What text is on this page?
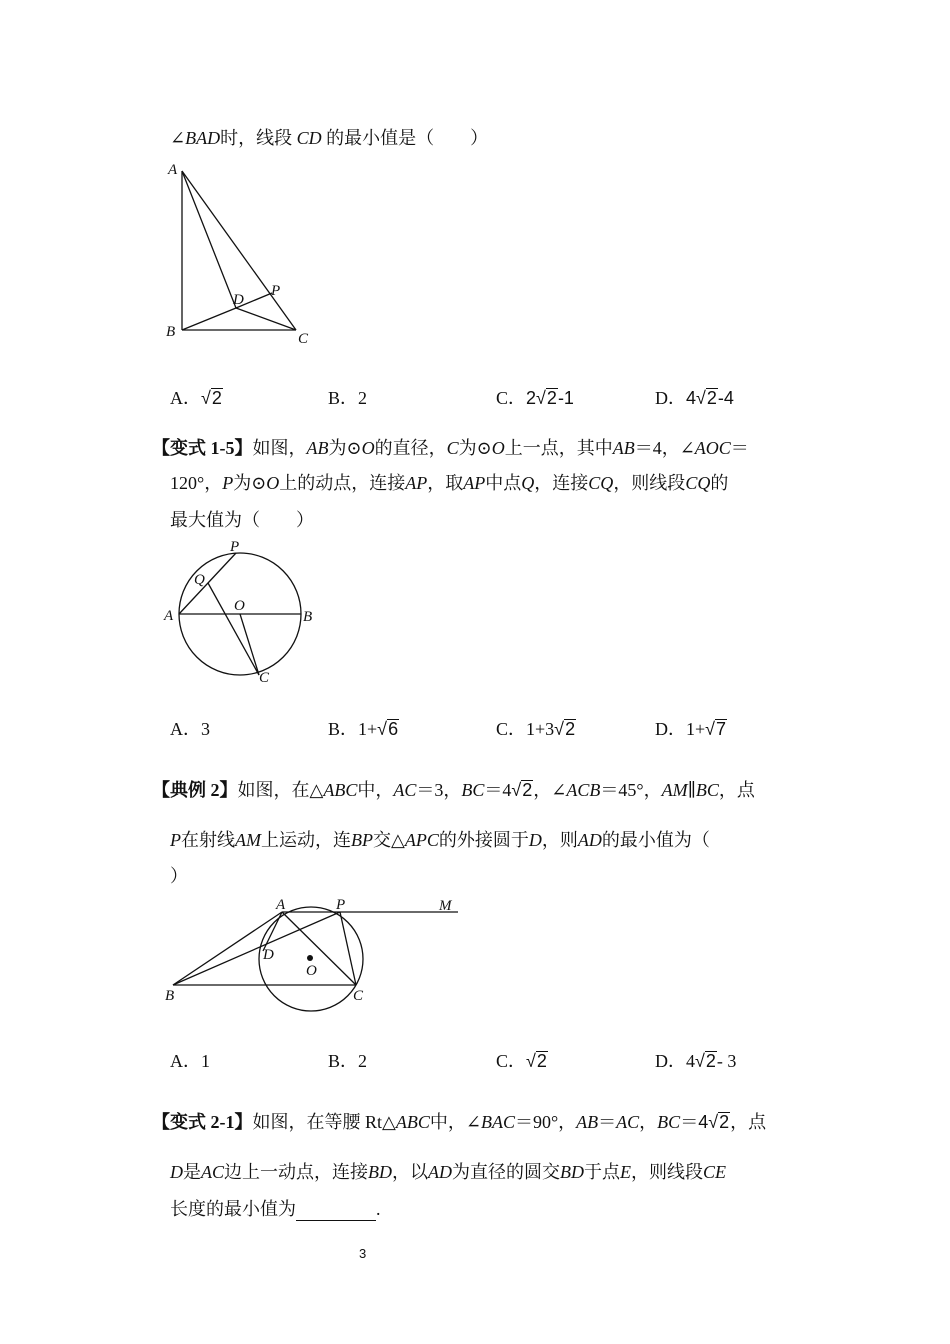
∠BAD时，线段 CD 的最小值是（　　）
A
B	C
D
P
A．√2	B．2	C．2√2-1	D．4√2-4
【变式 1-5】如图，AB为⊙O的直径，C为⊙O上一点，其中AB＝4，∠AOC＝
120°，P为⊙O上的动点，连接AP，取AP中点Q，连接CQ，则线段CQ的
最大值为（　　）
P
Q
A
O
B
C
A．3	B．1+√6	C．1+3√2	D．1+√7
【典例 2】如图，在△ABC中，AC＝3，BC＝4√2，∠ACB＝45°，AM∥BC，点
P在射线AM上运动，连BP交△APC的外接圆于D，则AD的最小值为（
）
A	P	M
D
O
B	C
A．1	B．2	C．√2	D．4√2- 3
【变式 2-1】如图，在等腰 Rt△ABC中，∠BAC＝90°，AB＝AC，BC＝4√2，点
D是AC边上一动点，连接BD，以AD为直径的圆交BD于点E，则线段CE
长度的最小值为	.
3
